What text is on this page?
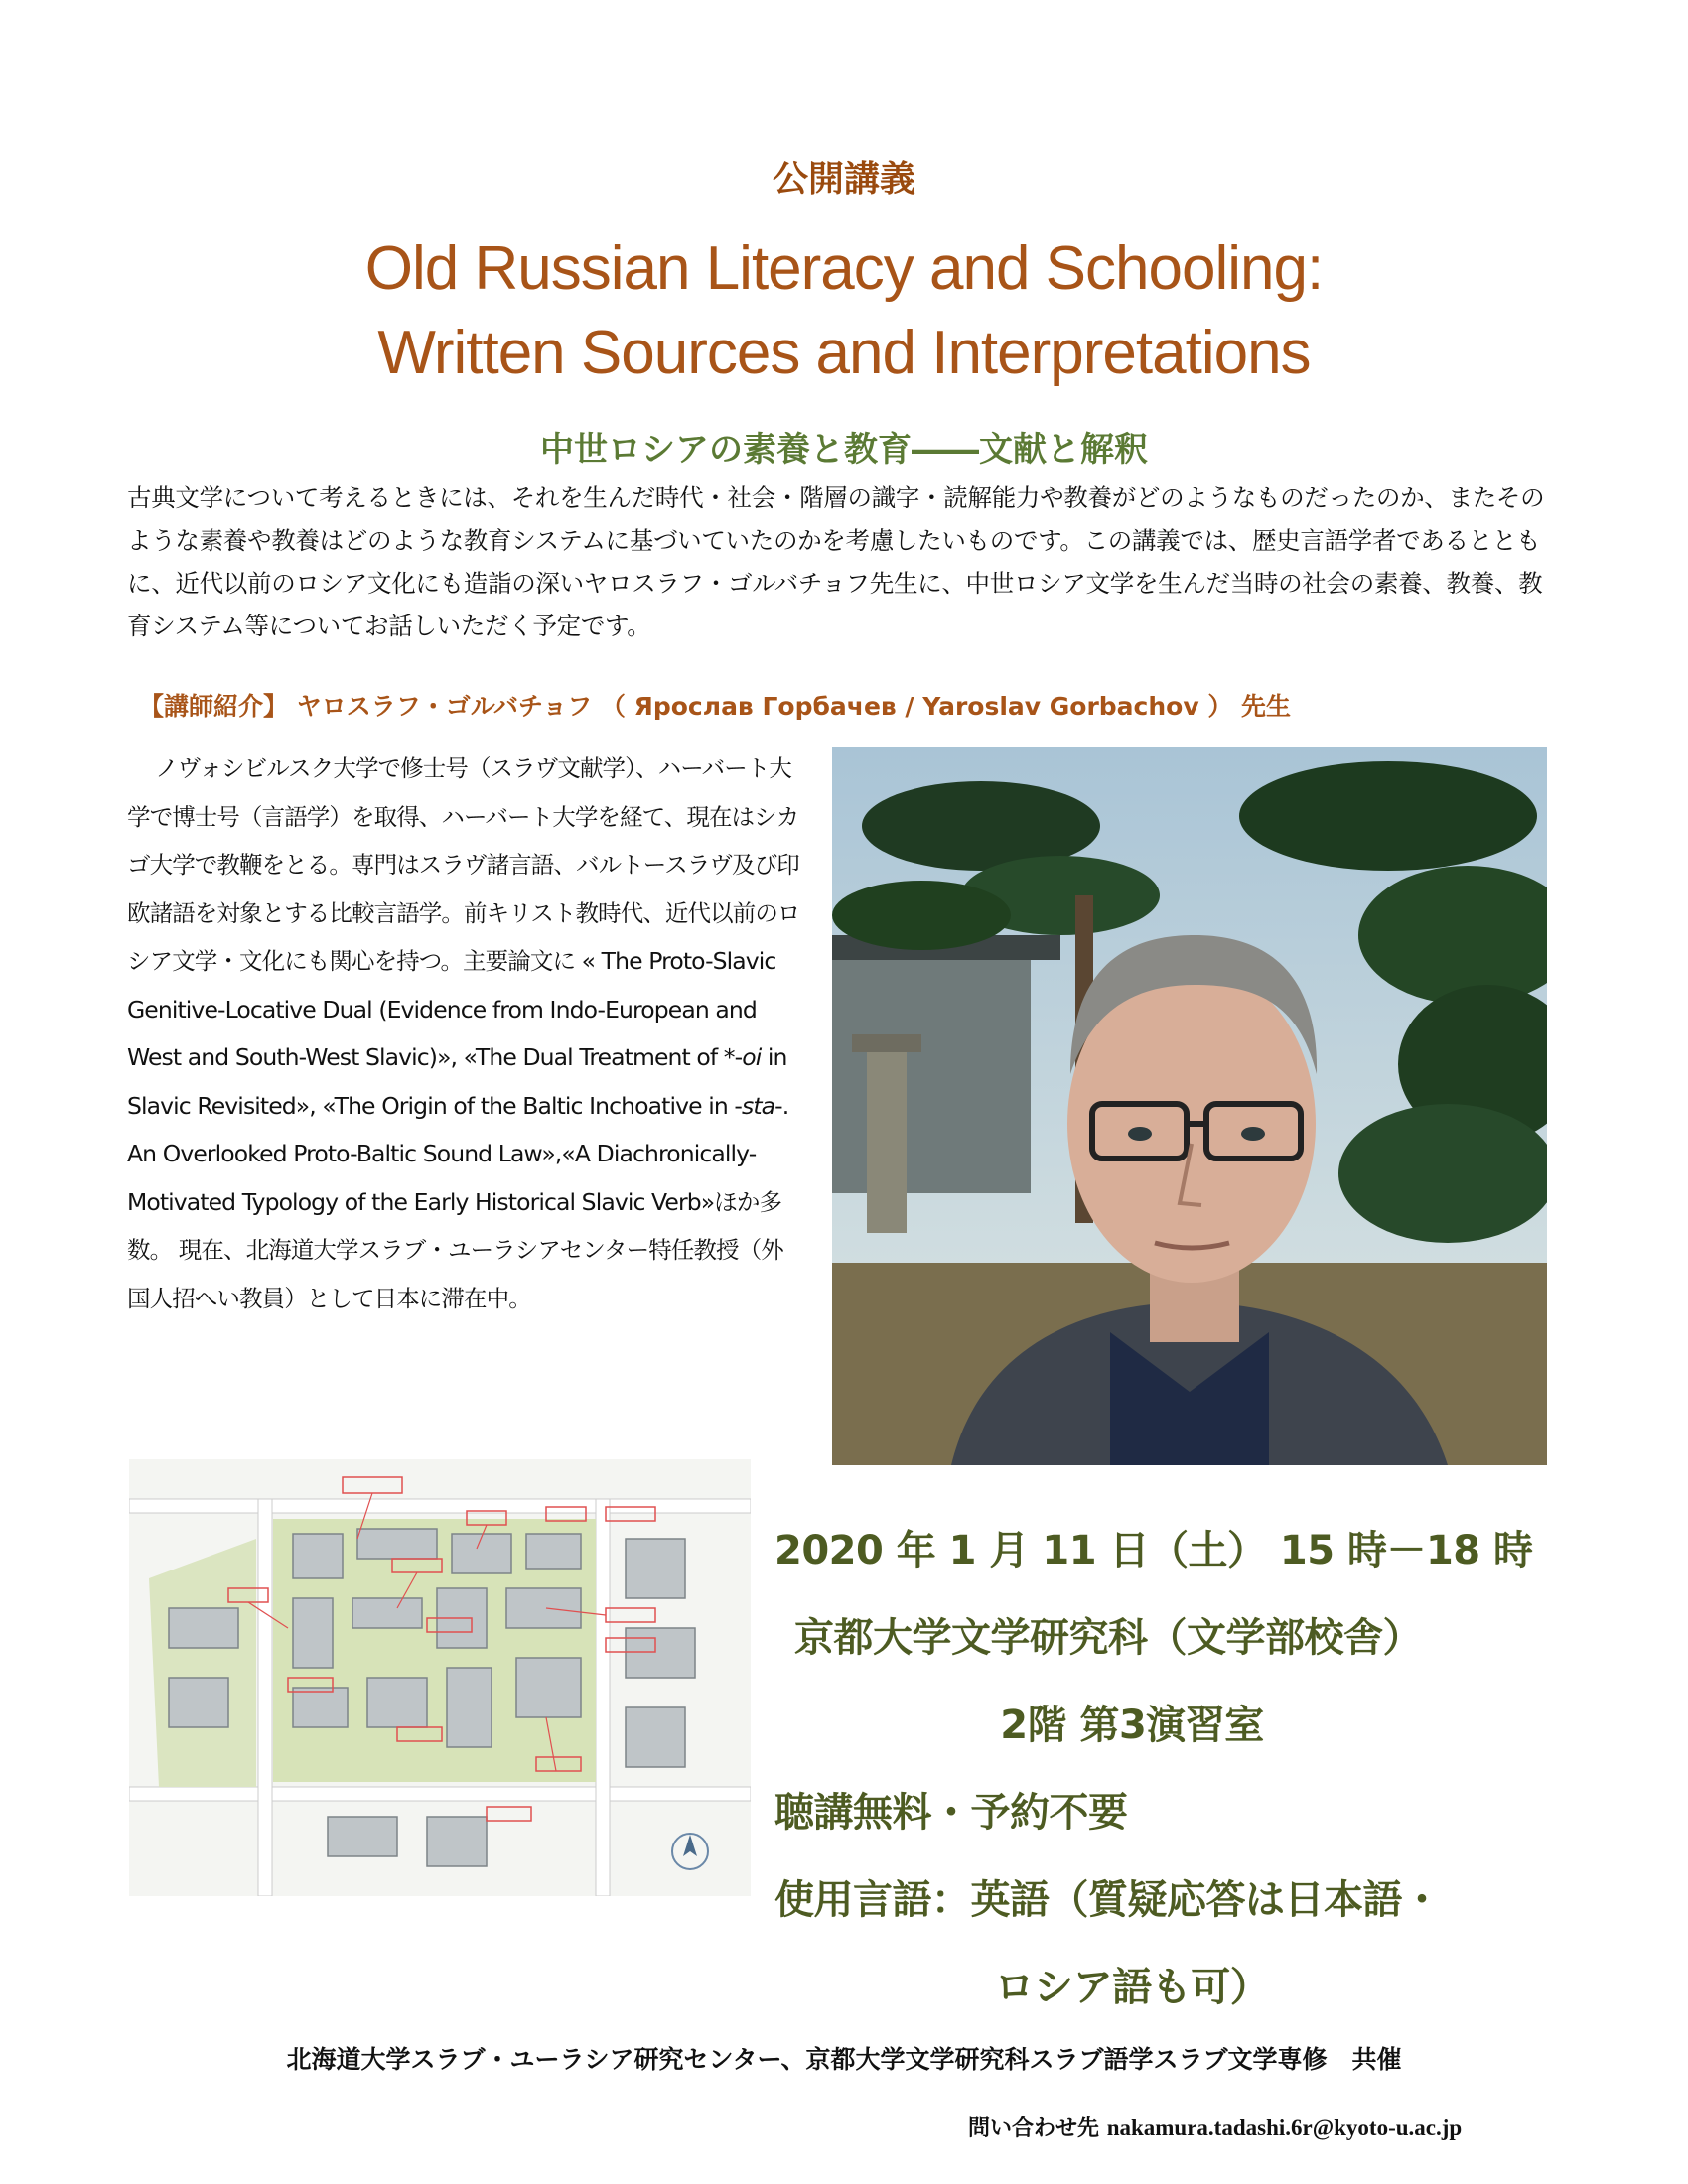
公開講義
Old Russian Literacy and Schooling:
Written Sources and Interpretations
中世ロシアの素養と教育――文献と解釈
古典文学について考えるときには、それを生んだ時代・社会・階層の識字・読解能力や教養がどのようなものだったのか、またそのような素養や教養はどのような教育システムに基づいていたのかを考慮したいものです。この講義では、歴史言語学者であるとともに、近代以前のロシア文化にも造詣の深いヤロスラフ・ゴルバチョフ先生に、中世ロシア文学を生んだ当時の社会の素養、教養、教育システム等についてお話しいただく予定です。
【講師紹介】 ヤロスラフ・ゴルバチョフ （ Ярослав Горбачев / Yaroslav Gorbachov ） 先生
ノヴォシビルスク大学で修士号（スラヴ文献学）、ハーバート大学で博士号（言語学）を取得、ハーバート大学を経て、現在はシカゴ大学で教鞭をとる。専門はスラヴ諸言語、バルトースラヴ及び印欧諸語を対象とする比較言語学。前キリスト教時代、近代以前のロシア文学・文化にも関心を持つ。主要論文に « The Proto-Slavic Genitive-Locative Dual (Evidence from Indo-European and West and South-West Slavic)», «The Dual Treatment of *-oi in Slavic Revisited», «The Origin of the Baltic Inchoative in -sta-. An Overlooked Proto-Baltic Sound Law»,«A Diachronically-Motivated Typology of the Early Historical Slavic Verb»ほか多数。 現在、北海道大学スラブ・ユーラシアセンター特任教授（外国人招へい教員）として日本に滞在中。
2020 年 1 月 11 日（土） 15 時－18 時
京都大学文学研究科（文学部校舎）
2階 第3演習室
聴講無料・予約不要
使用言語：英語（質疑応答は日本語・
ロシア語も可）
北海道大学スラブ・ユーラシア研究センター、京都大学文学研究科スラブ語学スラブ文学専修　共催
問い合わせ先 nakamura.tadashi.6r@kyoto-u.ac.jp
